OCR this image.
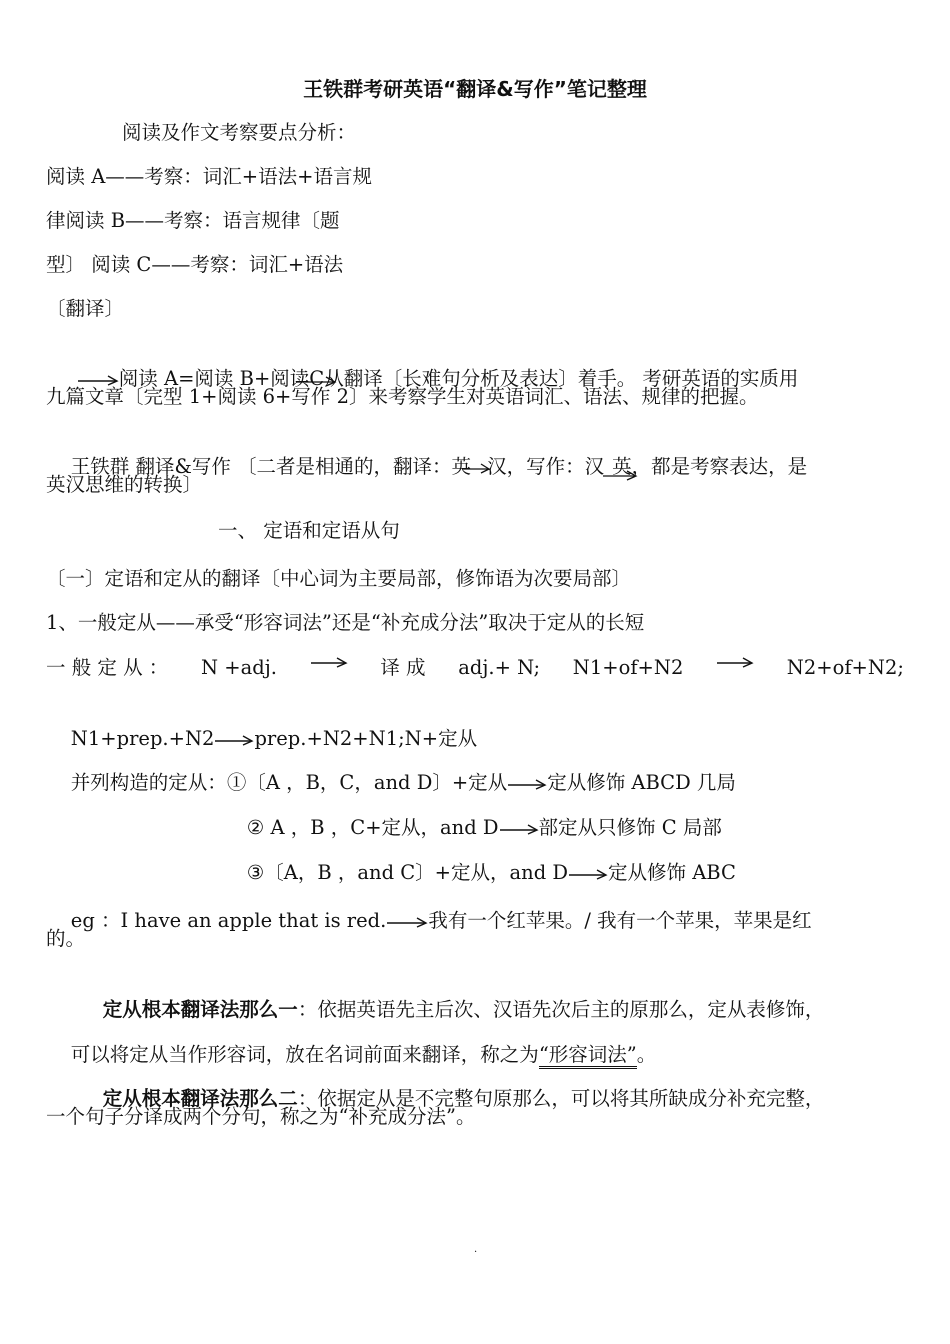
王铁群考研英语“翻译&写作”笔记整理
阅读及作文考察要点分析：
阅读 A——考察：词汇+语法+语言规
律阅读 B——考察：语言规律〔题
型〕 阅读 C——考察：词汇+语法
〔翻译〕

阅读 A=阅读 B+阅读C
从翻译〔长难句分析及表达〕着手。 考研英语的实质用

九篇文章〔完型 1+阅读 6+写作 2〕来考察学生对英语词汇、语法、规律的把握。

王铁群 翻译&写作 〔二者是相通的，翻译：英 汉，写作：汉 英
，都是考察表达，是

英汉思维的转换〕
一、 定语和定语从句
〔一〕定语和定从的翻译〔中心词为主要局部，修饰语为次要局部〕
1、一般定从——承受“形容词法”还是“补充成分法”取决于定从的长短
一 般 定 从 ： N +adj.	译 成 adj.+ N; N1+of+N2	N2+of+N2;

N1+prep.+N2 prep.+N2+N1;N+定从

并列构造的定从：①〔A ，B，C，and D〕+定从 定从修饰 ABCD 几局

② A ，B ，C+定从，and D 部定从只修饰 C 局部

③〔A，B ，and C〕+定从，and D 定从修饰 ABC

eg ：I have an apple that is red. 我有一个红苹果。/ 我有一个苹果，苹果是红

的。

定从根本翻译法那么一：依据英语先主后次、汉语先次后主的原那么，定从表修饰，

可以将定从当作形容词，放在名词前面来翻译，称之为“形容词法”。

定从根本翻译法那么二：依据定从是不完整句原那么，可以将其所缺成分补充完整，

一个句子分译成两个分句，称之为“补充成分法”。
.
